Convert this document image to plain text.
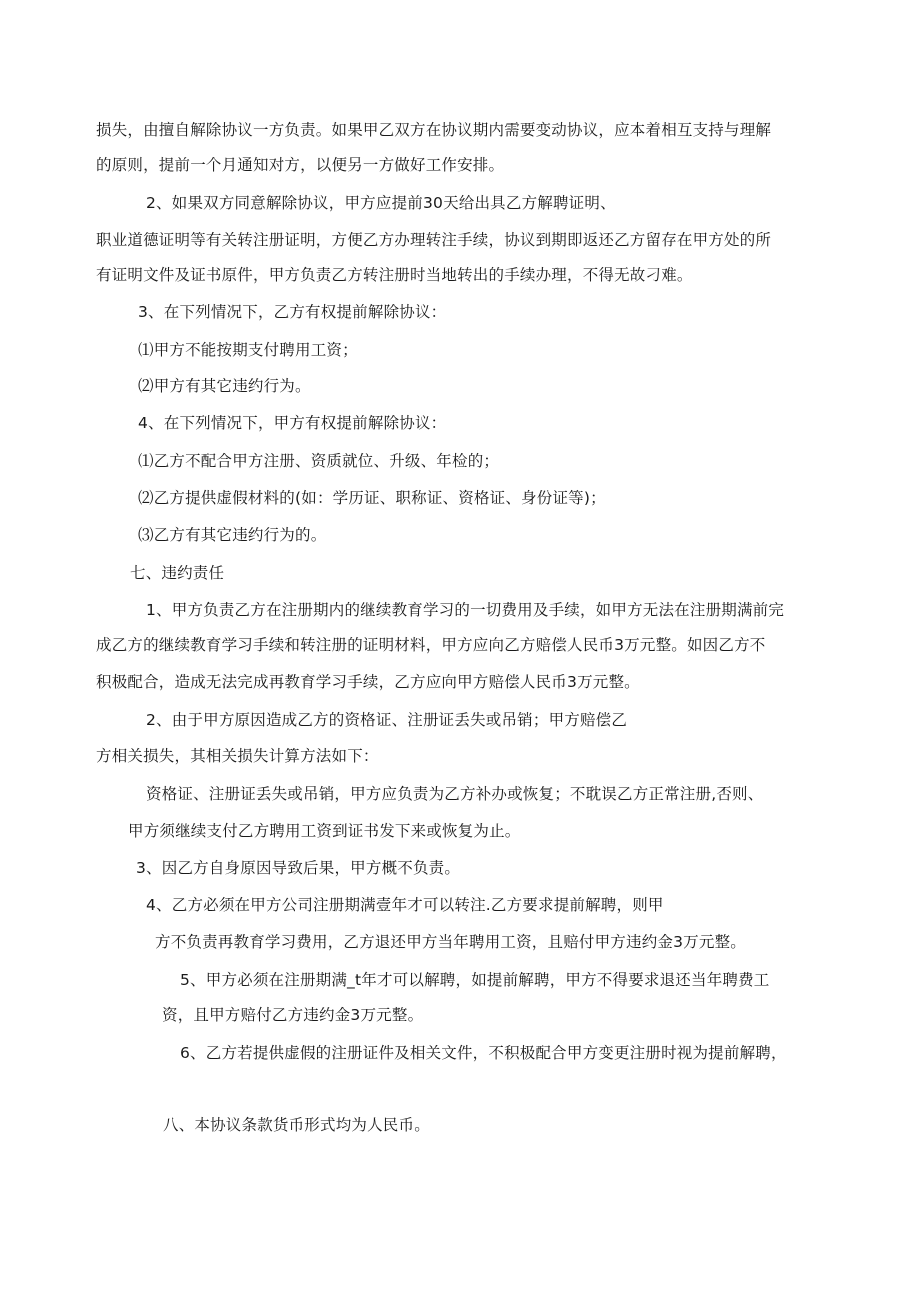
损失，由擅自解除协议一方负责。如果甲乙双方在协议期内需要变动协议，应本着相互支持与理解
的原则，提前一个月通知对方，以便另一方做好工作安排。
2、如果双方同意解除协议，甲方应提前30天给出具乙方解聘证明、
职业道德证明等有关转注册证明，方便乙方办理转注手续，协议到期即返还乙方留存在甲方处的所
有证明文件及证书原件，甲方负责乙方转注册时当地转出的手续办理，不得无故刁难。
3、在下列情况下，乙方有权提前解除协议：
⑴甲方不能按期支付聘用工资；
⑵甲方有其它违约行为。
4、在下列情况下，甲方有权提前解除协议：
⑴乙方不配合甲方注册、资质就位、升级、年检的；
⑵乙方提供虚假材料的(如：学历证、职称证、资格证、身份证等)；
⑶乙方有其它违约行为的。
七、违约责任
1、甲方负责乙方在注册期内的继续教育学习的一切费用及手续，如甲方无法在注册期满前完
成乙方的继续教育学习手续和转注册的证明材料，甲方应向乙方赔偿人民币3万元整。如因乙方不
积极配合，造成无法完成再教育学习手续，乙方应向甲方赔偿人民币3万元整。
2、由于甲方原因造成乙方的资格证、注册证丢失或吊销；甲方赔偿乙
方相关损失，其相关损失计算方法如下：
资格证、注册证丢失或吊销，甲方应负责为乙方补办或恢复；不耽误乙方正常注册,否则、
甲方须继续支付乙方聘用工资到证书发下来或恢复为止。
3、因乙方自身原因导致后果，甲方概不负责。
4、乙方必须在甲方公司注册期满壹年才可以转注.乙方要求提前解聘，则甲
方不负责再教育学习费用，乙方退还甲方当年聘用工资，且赔付甲方违约金3万元整。
5、甲方必须在注册期满_t年才可以解聘，如提前解聘，甲方不得要求退还当年聘费工
资，且甲方赔付乙方违约金3万元整。
6、乙方若提供虚假的注册证件及相关文件，不积极配合甲方变更注册时视为提前解聘，
八、本协议条款货币形式均为人民币。
